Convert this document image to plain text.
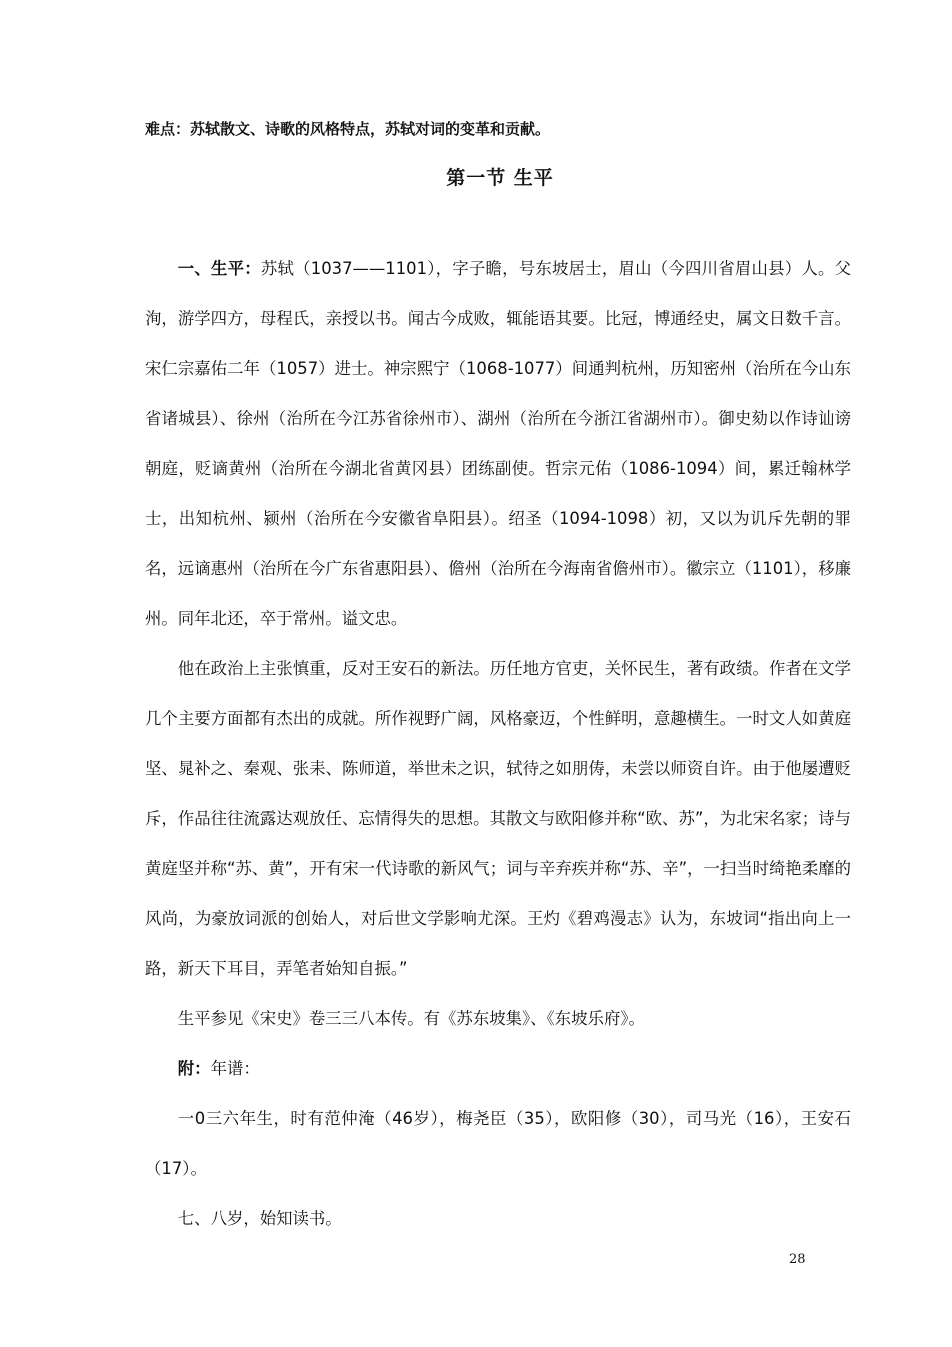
难点：苏轼散文、诗歌的风格特点，苏轼对词的变革和贡献。
第一节 生平

一、生平：苏轼（1037——1101），字子瞻，号东坡居士，眉山（今四川省眉山县）人。父洵，游学四方，母程氏，亲授以书。闻古今成败，辄能语其要。比冠，博通经史，属文日数千言。宋仁宗嘉佑二年（1057）进士。神宗熙宁（1068-1077）间通判杭州，历知密州（治所在今山东省诸城县）、徐州（治所在今江苏省徐州市）、湖州（治所在今浙江省湖州市）。御史劾以作诗讪谤朝庭，贬谪黄州（治所在今湖北省黄冈县）团练副使。哲宗元佑（1086-1094）间，累迁翰林学士，出知杭州、颍州（治所在今安徽省阜阳县）。绍圣（1094-1098）初，又以为讥斥先朝的罪名，远谪惠州（治所在今广东省惠阳县）、儋州（治所在今海南省儋州市）。徽宗立（1101），移廉州。同年北还，卒于常州。谥文忠。

他在政治上主张慎重，反对王安石的新法。历任地方官吏，关怀民生，著有政绩。作者在文学几个主要方面都有杰出的成就。所作视野广阔，风格豪迈，个性鲜明，意趣横生。一时文人如黄庭坚、晁补之、秦观、张耒、陈师道，举世未之识，轼待之如朋俦，未尝以师资自许。由于他屡遭贬斥，作品往往流露达观放任、忘情得失的思想。其散文与欧阳修并称“欧、苏”，为北宋名家；诗与黄庭坚并称“苏、黄”，开有宋一代诗歌的新风气；词与辛弃疾并称“苏、辛”，一扫当时绮艳柔靡的风尚，为豪放词派的创始人，对后世文学影响尤深。王灼《碧鸡漫志》认为，东坡词“指出向上一路，新天下耳目，弄笔者始知自振。”

生平参见《宋史》卷三三八本传。有《苏东坡集》、《东坡乐府》。

附：年谱：

一0三六年生，时有范仲淹（46岁），梅尧臣（35），欧阳修（30），司马光（16），王安石（17）。

七、八岁，始知读书。

28
